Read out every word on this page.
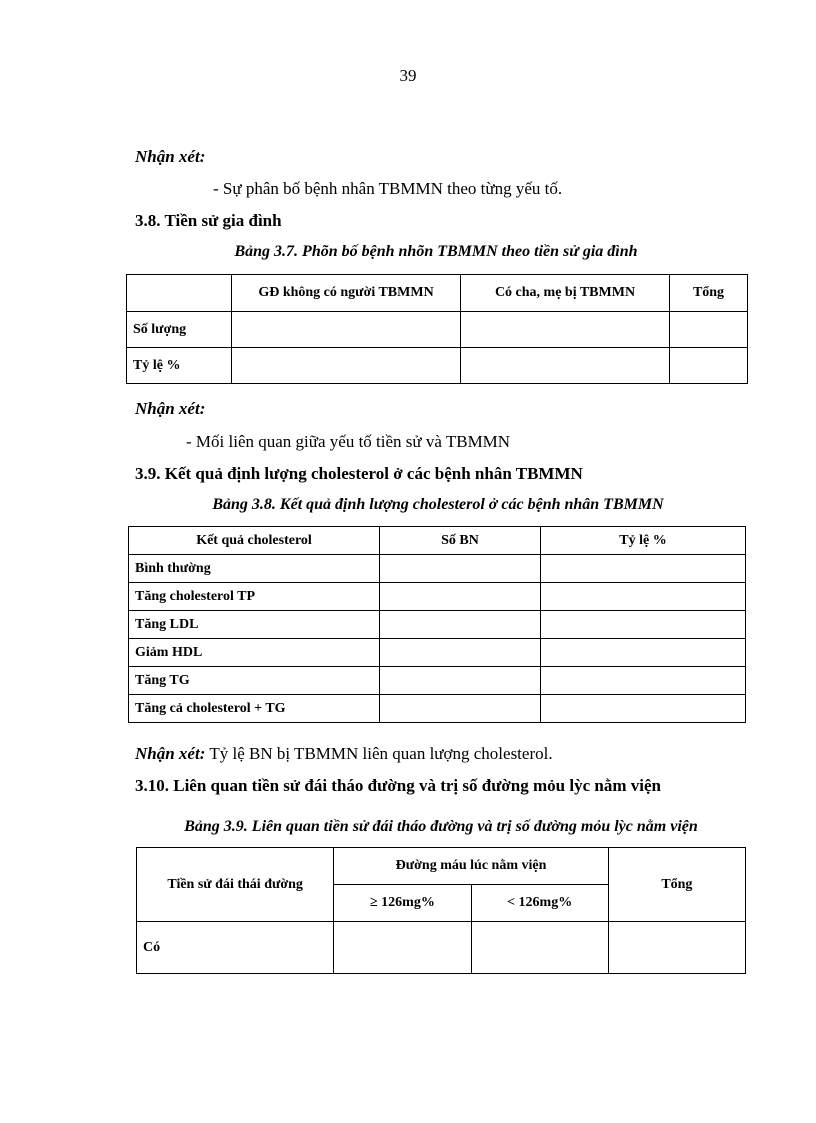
39
Nhận xét:
- Sự phân bố bệnh nhân TBMMN theo từng yếu tố.
3.8. Tiền sử gia đình
Bảng 3.7. Phõn bố bệnh nhõn TBMMN theo tiền sử gia đình
	GĐ không có người TBMMN	Có cha, mẹ bị TBMMN	Tổng
Số lượng			
Tỷ lệ %			
Nhận xét:
- Mối liên quan giữa yếu tố tiền sử và TBMMN
3.9. Kết quả định lượng cholesterol ở các bệnh nhân TBMMN
Bảng 3.8. Kết quả định lượng cholesterol ở các bệnh nhân TBMMN
Kết quả cholesterol	Số BN	Tỷ lệ %
Bình thường		
Tăng cholesterol TP		
Tăng LDL		
Giảm HDL		
Tăng TG		
Tăng cả cholesterol + TG		
Nhận xét: Tỷ lệ BN bị TBMMN liên quan lượng cholesterol.
3.10. Liên quan tiền sử đái tháo đường và trị số đường mỏu lỳc nằm viện
Bảng 3.9. Liên quan tiền sử đái tháo đường và trị số đường mỏu lỳc nằm viện
Tiền sử đái thái đường	Đường máu lúc nằm viện		Tổng
	≥ 126mg%	< 126mg%	
Có			
